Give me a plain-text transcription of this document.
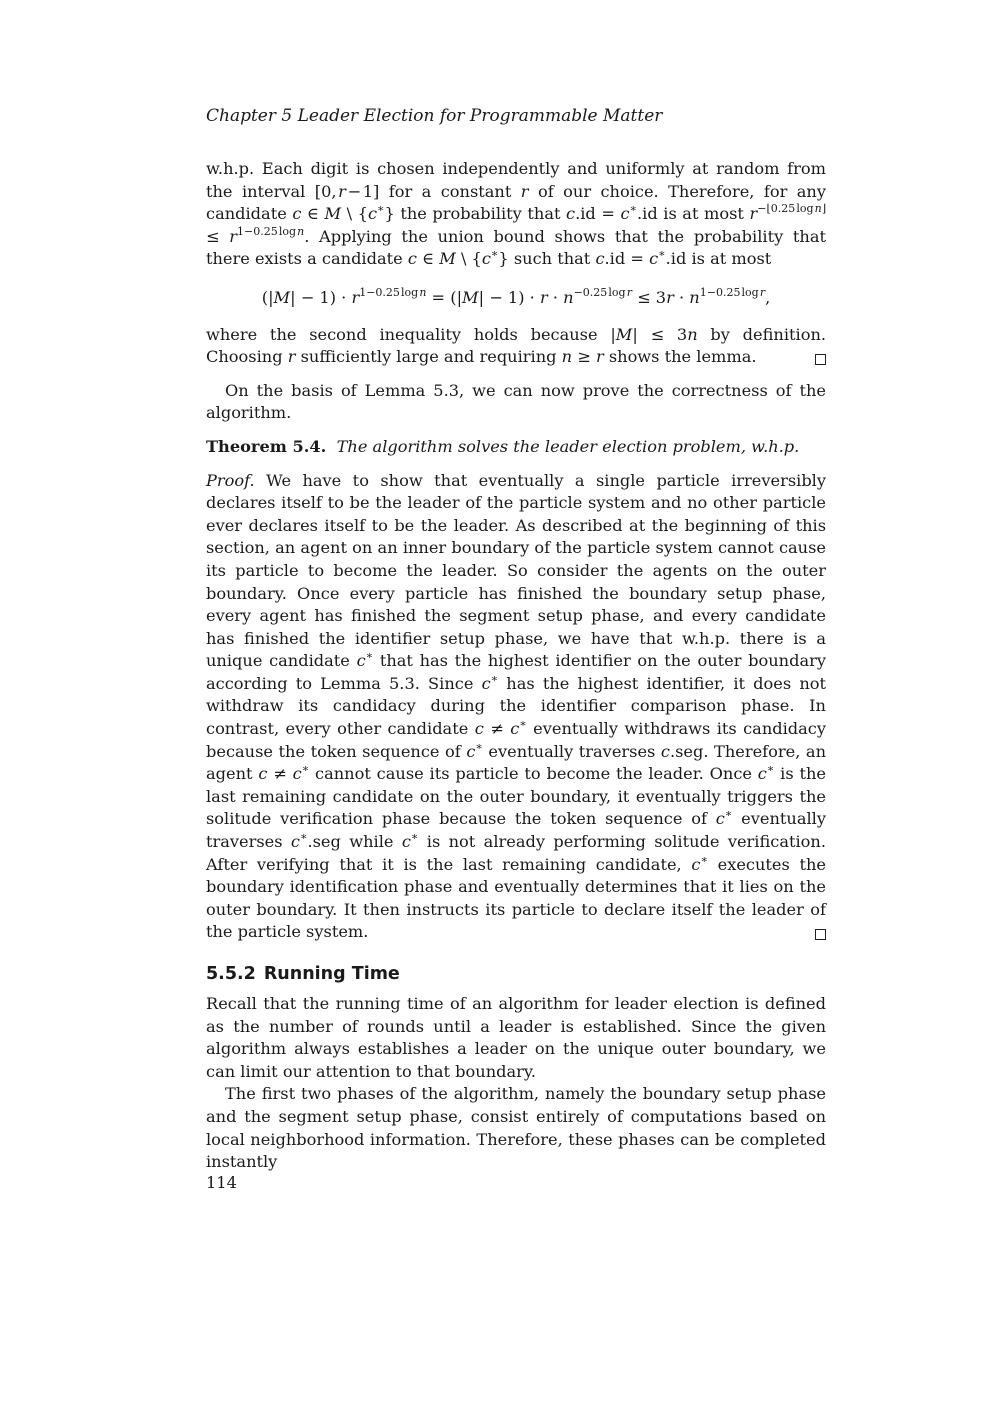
Chapter 5 Leader Election for Programmable Matter

w.h.p. Each digit is chosen independently and uniformly at random from the interval [0, r − 1] for a constant r of our choice. Therefore, for any candidate c ∈ M \ {c∗} the probability that c.id = c∗.id is at most $r^{-⌊0.25 log n⌋} \le r^{1-0.25 log n}$. Applying the union bound shows that the probability that there exists a candidate c ∈ M \ {c∗} such that c.id = c∗.id is at most

$(|M| - 1) \cdot r^{1-0.25 log n} = (|M| - 1) \cdot r \cdot n^{-0.25 log r} \le 3r \cdot n^{1-0.25 log r}$,

where the second inequality holds because |M| ≤ 3n by definition. Choosing r sufficiently large and requiring n ≥ r shows the lemma.

On the basis of Lemma 5.3, we can now prove the correctness of the algorithm.

Theorem 5.4. The algorithm solves the leader election problem, w.h.p.

Proof. We have to show that eventually a single particle irreversibly declares itself to be the leader of the particle system and no other particle ever declares itself to be the leader. As described at the beginning of this section, an agent on an inner boundary of the particle system cannot cause its particle to become the leader. So consider the agents on the outer boundary. Once every particle has finished the boundary setup phase, every agent has finished the segment setup phase, and every candidate has finished the identifier setup phase, we have that w.h.p. there is a unique candidate c∗ that has the highest identifier on the outer boundary according to Lemma 5.3. Since c∗ has the highest identifier, it does not withdraw its candidacy during the identifier comparison phase. In contrast, every other candidate c ≠ c∗ eventually withdraws its candidacy because the token sequence of c∗ eventually traverses c.seg. Therefore, an agent c ≠ c∗ cannot cause its particle to become the leader. Once c∗ is the last remaining candidate on the outer boundary, it eventually triggers the solitude verification phase because the token sequence of c∗ eventually traverses c∗.seg while c∗ is not already performing solitude verification. After verifying that it is the last remaining candidate, c∗ executes the boundary identification phase and eventually determines that it lies on the outer boundary. It then instructs its particle to declare itself the leader of the particle system.

5.5.2 Running Time

Recall that the running time of an algorithm for leader election is defined as the number of rounds until a leader is established. Since the given algorithm always establishes a leader on the unique outer boundary, we can limit our attention to that boundary.

The first two phases of the algorithm, namely the boundary setup phase and the segment setup phase, consist entirely of computations based on local neighborhood information. Therefore, these phases can be completed instantly

114
